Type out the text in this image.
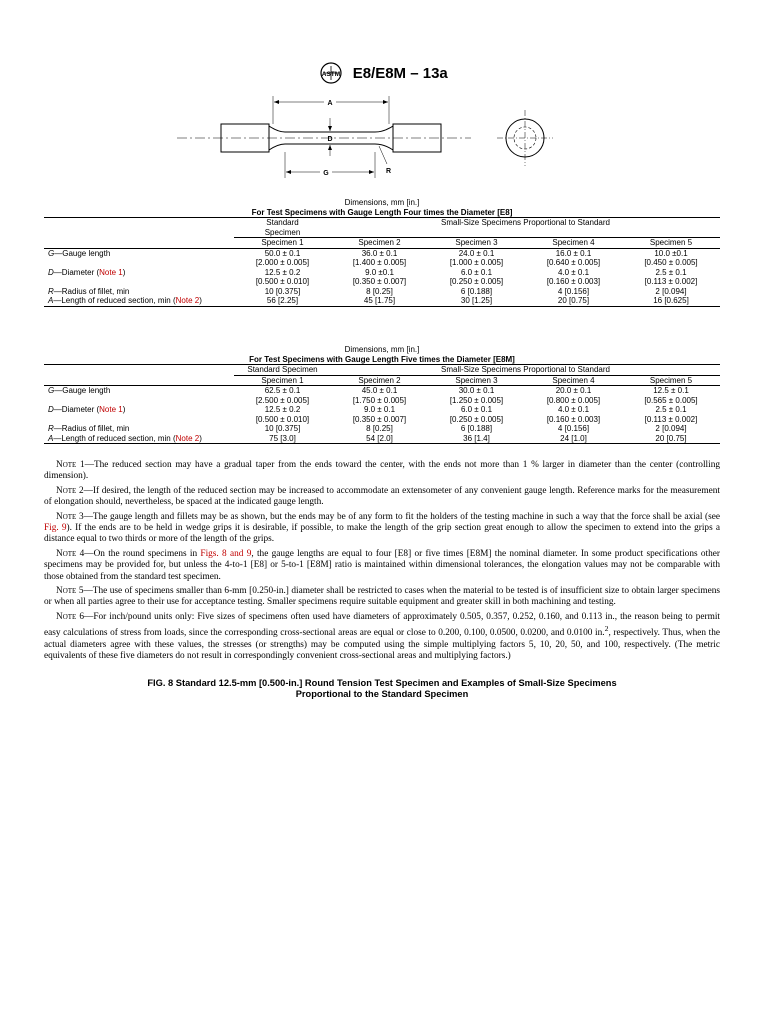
ASTM E8/E8M – 13a
A
D
R
G
Dimensions, mm [in.]					
For Test Specimens with Gauge Length Four times the Diameter [E8]					
	Standard
Specimen	Small-Size Specimens Proportional to Standard			
	Specimen 1	Specimen 2	Specimen 3	Specimen 4	Specimen 5
G—Gauge length	50.0 ± 0.1	36.0 ± 0.1	24.0 ± 0.1	16.0 ± 0.1	10.0 ±0.1
	[2.000 ± 0.005]	[1.400 ± 0.005]	[1.000 ± 0.005]	[0.640 ± 0.005]	[0.450 ± 0.005]
D—Diameter (Note 1)	12.5 ± 0.2	9.0 ±0.1	6.0 ± 0.1	4.0 ± 0.1	2.5 ± 0.1
	[0.500 ± 0.010]	[0.350 ± 0.007]	[0.250 ± 0.005]	[0.160 ± 0.003]	[0.113 ± 0.002]
R—Radius of fillet, min	10 [0.375]	8 [0.25]	6 [0.188]	4 [0.156]	2 [0.094]
A—Length of reduced section, min (Note 2)	56 [2.25]	45 [1.75]	30 [1.25]	20 [0.75]	16 [0.625]
Dimensions, mm [in.]					
For Test Specimens with Gauge Length Five times the Diameter [E8M]					
	Standard Specimen	Small-Size Specimens Proportional to Standard			
	Specimen 1	Specimen 2	Specimen 3	Specimen 4	Specimen 5
G—Gauge length	62.5 ± 0.1	45.0 ± 0.1	30.0 ± 0.1	20.0 ± 0.1	12.5 ± 0.1
	[2.500 ± 0.005]	[1.750 ± 0.005]	[1.250 ± 0.005]	[0.800 ± 0.005]	[0.565 ± 0.005]
D—Diameter (Note 1)	12.5 ± 0.2	9.0 ± 0.1	6.0 ± 0.1	4.0 ± 0.1	2.5 ± 0.1
	[0.500 ± 0.010]	[0.350 ± 0.007]	[0.250 ± 0.005]	[0.160 ± 0.003]	[0.113 ± 0.002]
R—Radius of fillet, min	10 [0.375]	8 [0.25]	6 [0.188]	4 [0.156]	2 [0.094]
A—Length of reduced section, min (Note 2)	75 [3.0]	54 [2.0]	36 [1.4]	24 [1.0]	20 [0.75]

Note 1—The reduced section may have a gradual taper from the ends toward the center, with the ends not more than 1 % larger in diameter than the center (controlling dimension).

Note 2—If desired, the length of the reduced section may be increased to accommodate an extensometer of any convenient gauge length. Reference marks for the measurement of elongation should, nevertheless, be spaced at the indicated gauge length.

Note 3—The gauge length and fillets may be as shown, but the ends may be of any form to fit the holders of the testing machine in such a way that the force shall be axial (see Fig. 9). If the ends are to be held in wedge grips it is desirable, if possible, to make the length of the grip section great enough to allow the specimen to extend into the grips a distance equal to two thirds or more of the length of the grips.

Note 4—On the round specimens in Figs. 8 and 9, the gauge lengths are equal to four [E8] or five times [E8M] the nominal diameter. In some product specifications other specimens may be provided for, but unless the 4-to-1 [E8] or 5-to-1 [E8M] ratio is maintained within dimensional tolerances, the elongation values may not be comparable with those obtained from the standard test specimen.

Note 5—The use of specimens smaller than 6-mm [0.250-in.] diameter shall be restricted to cases when the material to be tested is of insufficient size to obtain larger specimens or when all parties agree to their use for acceptance testing. Smaller specimens require suitable equipment and greater skill in both machining and testing.

Note 6—For inch/pound units only: Five sizes of specimens often used have diameters of approximately 0.505, 0.357, 0.252, 0.160, and 0.113 in., the reason being to permit easy calculations of stress from loads, since the corresponding cross-sectional areas are equal or close to 0.200, 0.100, 0.0500, 0.0200, and 0.0100 in.$^2$, respectively. Thus, when the actual diameters agree with these values, the stresses (or strengths) may be computed using the simple multiplying factors 5, 10, 20, 50, and 100, respectively. (The metric equivalents of these five diameters do not result in correspondingly convenient cross-sectional areas and multiplying factors.)

FIG. 8 Standard 12.5-mm [0.500-in.] Round Tension Test Specimen and Examples of Small-Size Specimens
Proportional to the Standard Specimen
